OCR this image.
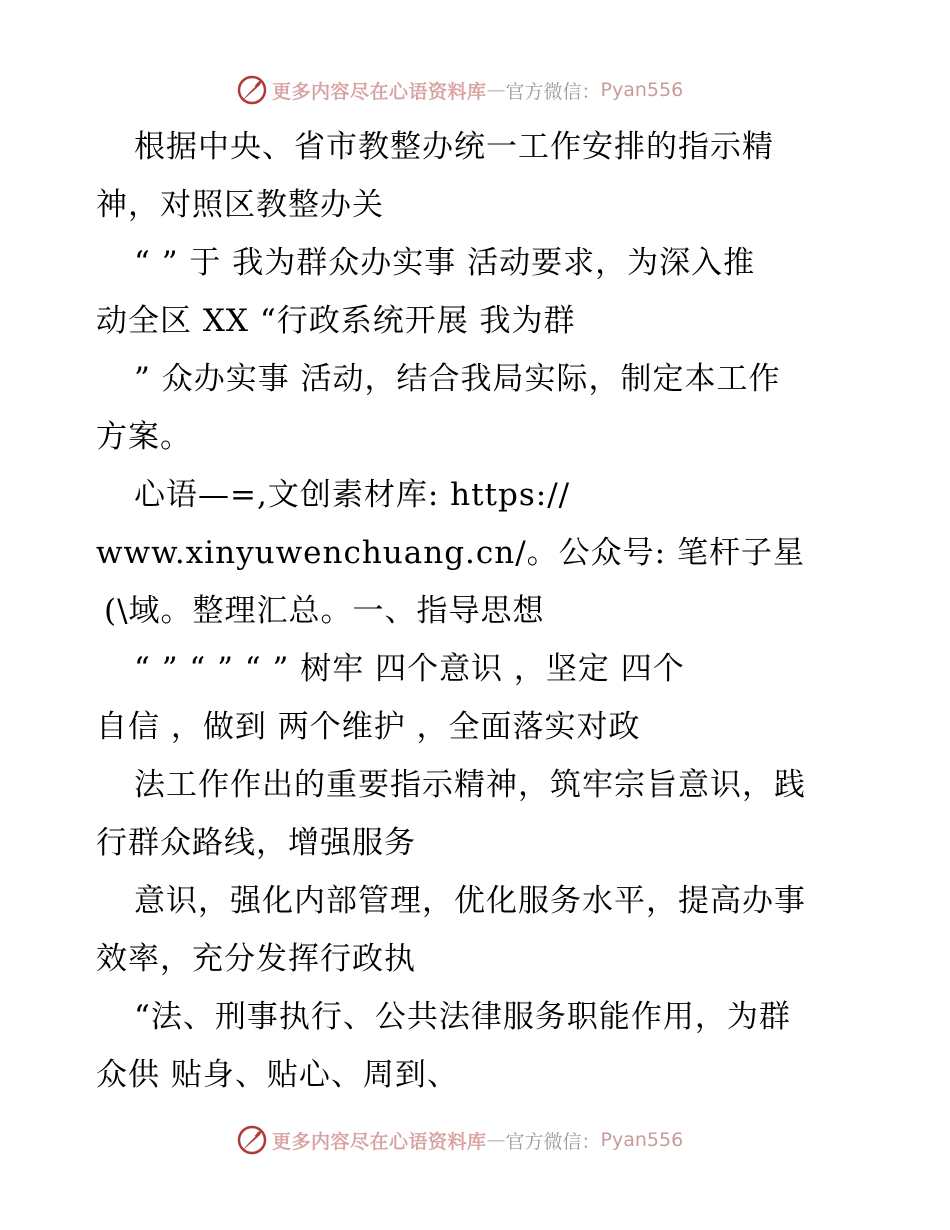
更多内容尽在心语资料库 — 官方微信： Pyan556
根据中央、省市教整办统一工作安排的指示精
神，对照区教整办关
“ ” 于 我为群众办实事 活动要求，为深入推
动全区 XX “行政系统开展 我为群
” 众办实事 活动，结合我局实际，制定本工作
方案。
心语—=,文创素材库: https://
www.xinyuwenchuang.cn/。公众号: 笔杆子星
(\域。整理汇总。一、指导思想
“ ” “ ” “ ” 树牢 四个意识 ，坚定 四个
自信 ，做到 两个维护 ，全面落实对政
法工作作出的重要指示精神，筑牢宗旨意识，践
行群众路线，增强服务
意识，强化内部管理，优化服务水平，提高办事
效率，充分发挥行政执
“法、刑事执行、公共法律服务职能作用，为群
众供 贴身、贴心、周到、
更多内容尽在心语资料库 — 官方微信： Pyan556
